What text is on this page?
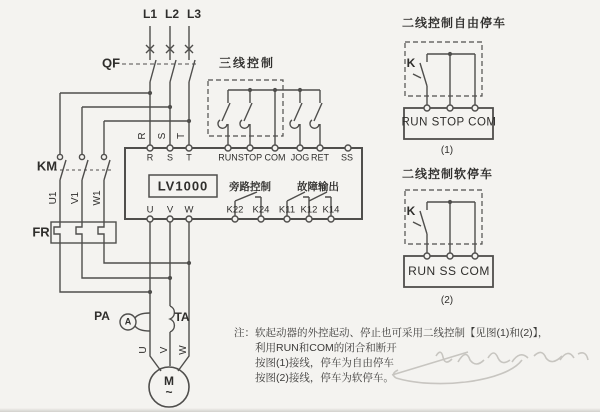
L1 L2 L3
QF
KM
FR
三线控制
R S T
U1 V1 W1
R S T	RUN STOP COM JOG RET SS
LV1000 旁路控制 故障输出
U V W	K22 K24 K11 K12 K14
PA A	TA
U V W
M
~
二线控制自由停车
K
RUN STOP COM
(1)
二线控制软停车
K
RUN SS COM
(2)
注：软起动器的外控起动、停止也可采用二线控制【见图(1)和(2)】，
利用RUN和COM的闭合和断开
按图(1)接线，停车为自由停车
按图(2)接线，停车为软停车。
